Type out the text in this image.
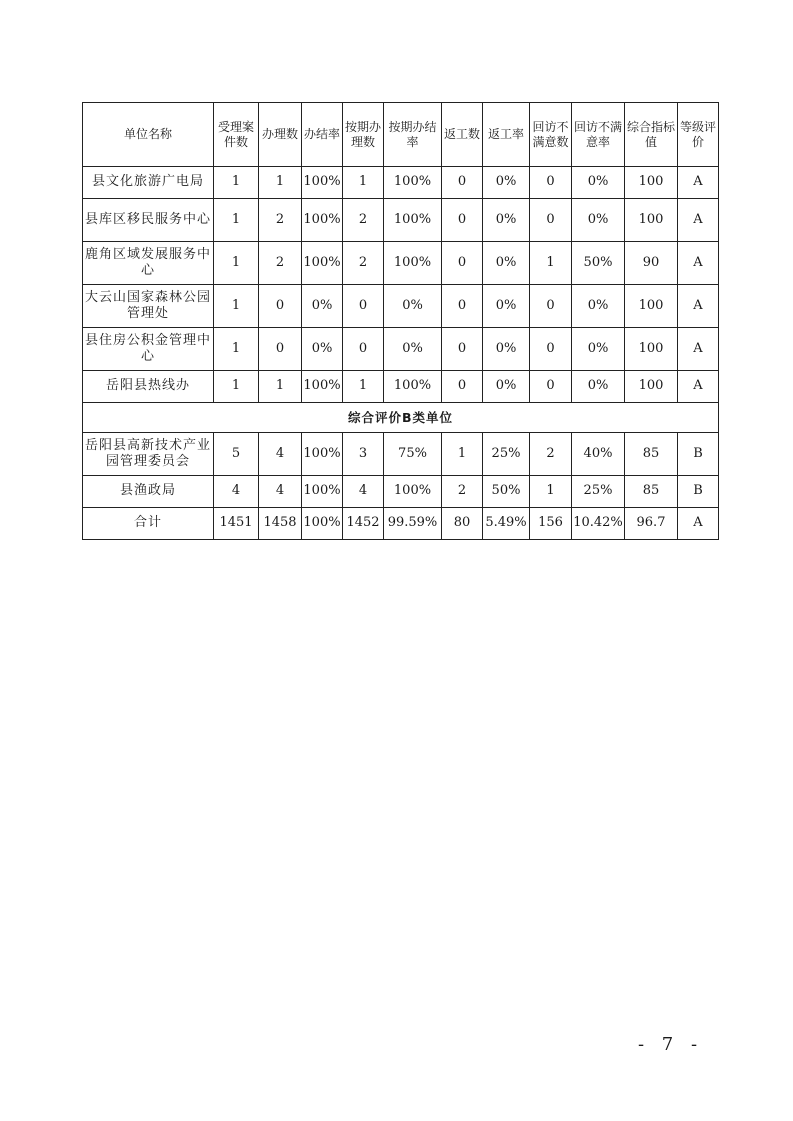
单位名称	受理案件数	办理数	办结率	按期办理数	按期办结率	返工数	返工率	回访不满意数	回访不满意率	综合指标值	等级评价
县文化旅游广电局	1	1	100%	1	100%	0	0%	0	0%	100	A
县库区移民服务中心	1	2	100%	2	100%	0	0%	0	0%	100	A
鹿角区域发展服务中心	1	2	100%	2	100%	0	0%	1	50%	90	A
大云山国家森林公园管理处	1	0	0%	0	0%	0	0%	0	0%	100	A
县住房公积金管理中心	1	0	0%	0	0%	0	0%	0	0%	100	A
岳阳县热线办	1	1	100%	1	100%	0	0%	0	0%	100	A
综合评价B类单位											
岳阳县高新技术产业园管理委员会	5	4	100%	3	75%	1	25%	2	40%	85	B
县渔政局	4	4	100%	4	100%	2	50%	1	25%	85	B
合计	1451	1458	100%	1452	99.59%	80	5.49%	156	10.42%	96.7	A
- 7 -
